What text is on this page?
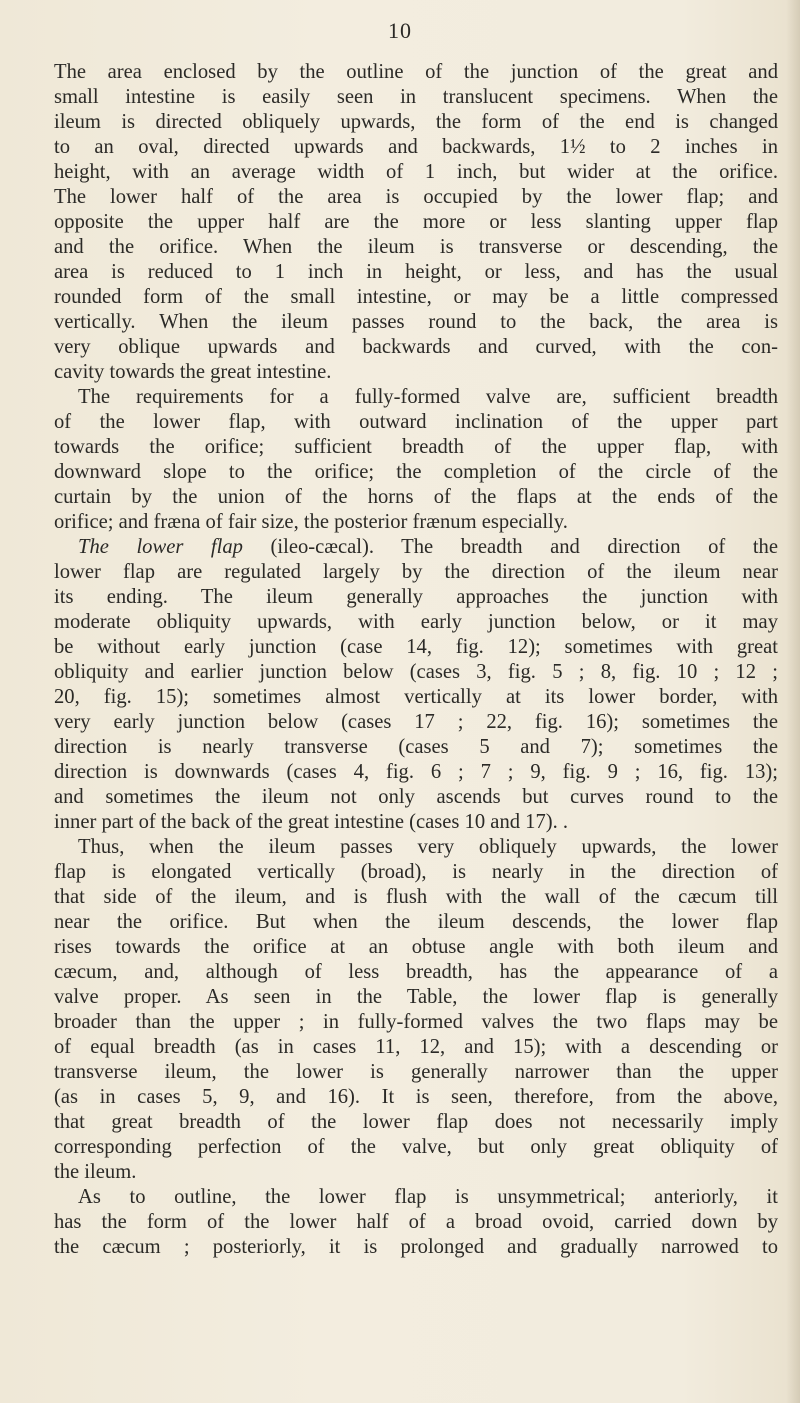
10
The area enclosed by the outline of the junction of the great and
small intestine is easily seen in translucent specimens. When the
ileum is directed obliquely upwards, the form of the end is changed
to an oval, directed upwards and backwards, 1½ to 2 inches in
height, with an average width of 1 inch, but wider at the orifice.
The lower half of the area is occupied by the lower flap; and
opposite the upper half are the more or less slanting upper flap
and the orifice. When the ileum is transverse or descending, the
area is reduced to 1 inch in height, or less, and has the usual
rounded form of the small intestine, or may be a little compressed
vertically. When the ileum passes round to the back, the area is
very oblique upwards and backwards and curved, with the con-
cavity towards the great intestine.
The requirements for a fully-formed valve are, sufficient breadth
of the lower flap, with outward inclination of the upper part
towards the orifice; sufficient breadth of the upper flap, with
downward slope to the orifice; the completion of the circle of the
curtain by the union of the horns of the flaps at the ends of the
orifice; and fræna of fair size, the posterior frænum especially.
The lower flap (ileo-cæcal). The breadth and direction of the
lower flap are regulated largely by the direction of the ileum near
its ending. The ileum generally approaches the junction with
moderate obliquity upwards, with early junction below, or it may
be without early junction (case 14, fig. 12); sometimes with great
obliquity and earlier junction below (cases 3, fig. 5 ; 8, fig. 10 ; 12 ;
20, fig. 15); sometimes almost vertically at its lower border, with
very early junction below (cases 17 ; 22, fig. 16); sometimes the
direction is nearly transverse (cases 5 and 7); sometimes the
direction is downwards (cases 4, fig. 6 ; 7 ; 9, fig. 9 ; 16, fig. 13);
and sometimes the ileum not only ascends but curves round to the
inner part of the back of the great intestine (cases 10 and 17). .
Thus, when the ileum passes very obliquely upwards, the lower
flap is elongated vertically (broad), is nearly in the direction of
that side of the ileum, and is flush with the wall of the cæcum till
near the orifice. But when the ileum descends, the lower flap
rises towards the orifice at an obtuse angle with both ileum and
cæcum, and, although of less breadth, has the appearance of a
valve proper. As seen in the Table, the lower flap is generally
broader than the upper ; in fully-formed valves the two flaps may be
of equal breadth (as in cases 11, 12, and 15); with a descending or
transverse ileum, the lower is generally narrower than the upper
(as in cases 5, 9, and 16). It is seen, therefore, from the above,
that great breadth of the lower flap does not necessarily imply
corresponding perfection of the valve, but only great obliquity of
the ileum.
As to outline, the lower flap is unsymmetrical; anteriorly, it
has the form of the lower half of a broad ovoid, carried down by
the cæcum ; posteriorly, it is prolonged and gradually narrowed to
